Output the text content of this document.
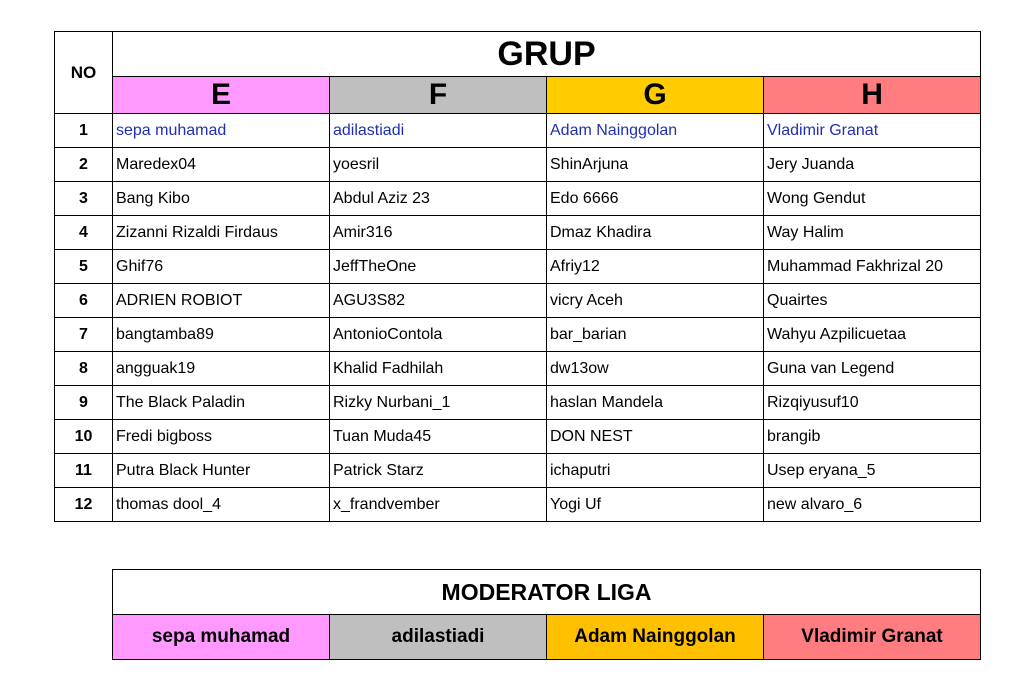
NO	GRUP			
	E	F	G	H
1	sepa muhamad	adilastiadi	Adam Nainggolan	Vladimir Granat
2	Maredex04	yoesril	ShinArjuna	Jery Juanda
3	Bang Kibo	Abdul Aziz 23	Edo 6666	Wong Gendut
4	Zizanni Rizaldi Firdaus	Amir316	Dmaz Khadira	Way Halim
5	Ghif76	JeffTheOne	Afriy12	Muhammad Fakhrizal 20
6	ADRIEN ROBIOT	AGU3S82	vicry Aceh	Quairtes
7	bangtamba89	AntonioContola	bar_barian	Wahyu Azpilicuetaa
8	angguak19	Khalid Fadhilah	dw13ow	Guna van Legend
9	The Black Paladin	Rizky Nurbani_1	haslan Mandela	Rizqiyusuf10
10	Fredi bigboss	Tuan Muda45	DON NEST	brangib
11	Putra Black Hunter	Patrick Starz	ichaputri	Usep eryana_5
12	thomas dool_4	x_frandvember	Yogi Uf	new alvaro_6
MODERATOR LIGA
sepa muhamad	adilastiadi	Adam Nainggolan	Vladimir Granat
